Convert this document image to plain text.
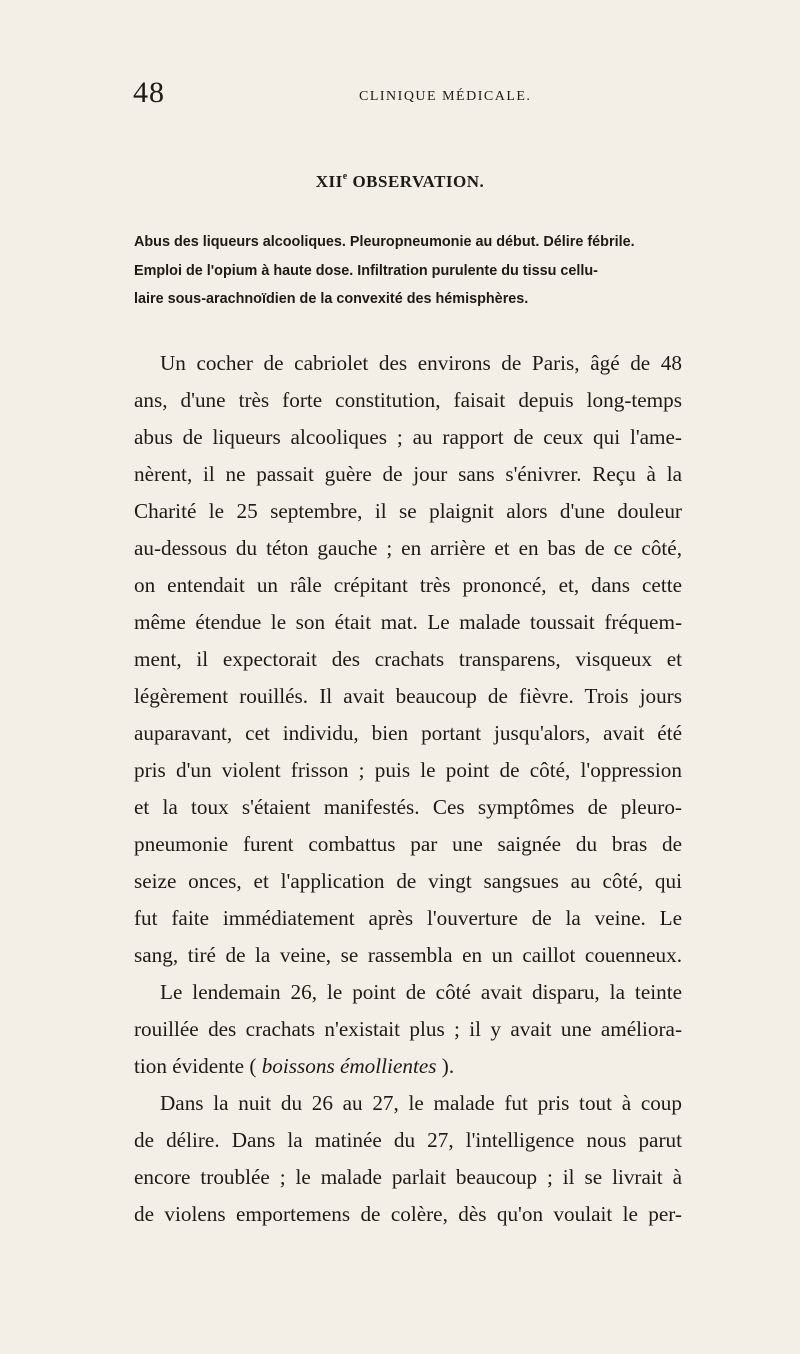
48	CLINIQUE MÉDICALE.
XIIe OBSERVATION.
Abus des liqueurs alcooliques. Pleuropneumonie au début. Délire fébrile.
Emploi de l'opium à haute dose. Infiltration purulente du tissu cellu-
laire sous-arachnoïdien de la convexité des hémisphères.
Un cocher de cabriolet des environs de Paris, âgé de 48
ans, d'une très forte constitution, faisait depuis long-temps
abus de liqueurs alcooliques ; au rapport de ceux qui l'ame-
nèrent, il ne passait guère de jour sans s'énivrer. Reçu à la
Charité le 25 septembre, il se plaignit alors d'une douleur
au-dessous du téton gauche ; en arrière et en bas de ce côté,
on entendait un râle crépitant très prononcé, et, dans cette
même étendue le son était mat. Le malade toussait fréquem-
ment, il expectorait des crachats transparens, visqueux et
légèrement rouillés. Il avait beaucoup de fièvre. Trois jours
auparavant, cet individu, bien portant jusqu'alors, avait été
pris d'un violent frisson ; puis le point de côté, l'oppression
et la toux s'étaient manifestés. Ces symptômes de pleuro-
pneumonie furent combattus par une saignée du bras de
seize onces, et l'application de vingt sangsues au côté, qui
fut faite immédiatement après l'ouverture de la veine. Le
sang, tiré de la veine, se rassembla en un caillot couenneux.
Le lendemain 26, le point de côté avait disparu, la teinte
rouillée des crachats n'existait plus ; il y avait une améliora-
tion évidente ( boissons émollientes ).
Dans la nuit du 26 au 27, le malade fut pris tout à coup
de délire. Dans la matinée du 27, l'intelligence nous parut
encore troublée ; le malade parlait beaucoup ; il se livrait à
de violens emportemens de colère, dès qu'on voulait le per-
